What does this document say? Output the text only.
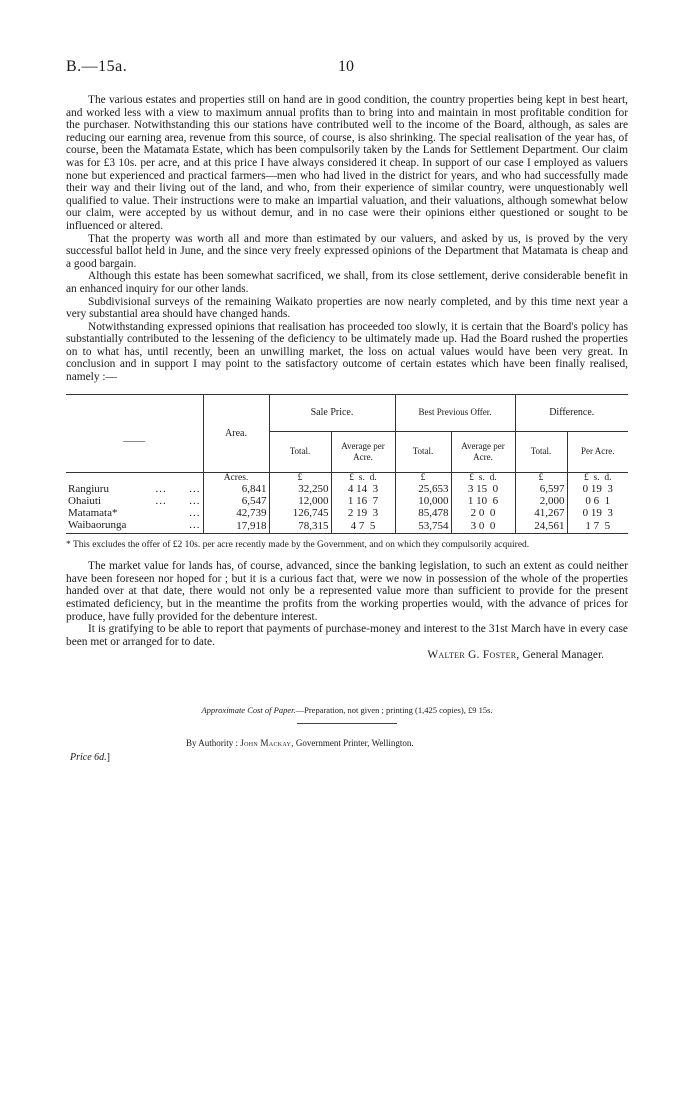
B.—15a.	10

The various estates and properties still on hand are in good condition, the country properties being kept in best heart, and worked less with a view to maximum annual profits than to bring into and maintain in most profitable condition for the purchaser. Notwithstanding this our stations have contributed well to the income of the Board, although, as sales are reducing our earning area, revenue from this source, of course, is also shrinking. The special realisation of the year has, of course, been the Matamata Estate, which has been compulsorily taken by the Lands for Settlement Department. Our claim was for £3 10s. per acre, and at this price I have always considered it cheap. In support of our case I employed as valuers none but experienced and practical farmers—men who had lived in the district for years, and who had successfully made their way and their living out of the land, and who, from their experience of similar country, were unquestionably well qualified to value. Their instructions were to make an impartial valuation, and their valuations, although somewhat below our claim, were accepted by us without demur, and in no case were their opinions either questioned or sought to be influenced or altered.

That the property was worth all and more than estimated by our valuers, and asked by us, is proved by the very successful ballot held in June, and the since very freely expressed opinions of the Department that Matamata is cheap and a good bargain.

Although this estate has been somewhat sacrificed, we shall, from its close settlement, derive considerable benefit in an enhanced inquiry for our other lands.

Subdivisional surveys of the remaining Waikato properties are now nearly completed, and by this time next year a very substantial area should have changed hands.

Notwithstanding expressed opinions that realisation has proceeded too slowly, it is certain that the Board's policy has substantially contributed to the lessening of the deficiency to be ultimately made up. Had the Board rushed the properties on to what has, until recently, been an unwilling market, the loss on actual values would have been very great. In conclusion and in support I may point to the satisfactory outcome of certain estates which have been finally realised, namely :—

——	Area.	Sale Price.		Best Previous Offer.		Difference.	
		Total.	Average per Acre.	Total.	Average per Acre.	Total.	Per Acre.
	Acres.	£	£ s. d.	£	£ s. d.	£	£ s. d.
Rangiuru ... ...	6,841	32,250	4 14 3	25,653	3 15 0	6,597	0 19 3
Ohaiuti ... ...	6,547	12,000	1 16 7	10,000	1 10 6	2,000	0 6 1
Matamata* ...	42,739	126,745	2 19 3	85,478	2 0 0	41,267	0 19 3
Waibaorunga ...	17,918	78,315	4 7 5	53,754	3 0 0	24,561	1 7 5
* This excludes the offer of £2 10s. per acre recently made by the Government, and on which they compulsorily acquired.

The market value for lands has, of course, advanced, since the banking legislation, to such an extent as could neither have been foreseen nor hoped for ; but it is a curious fact that, were we now in possession of the whole of the properties handed over at that date, there would not only be a represented value more than sufficient to provide for the present estimated deficiency, but in the meantime the profits from the working properties would, with the advance of prices for produce, have fully provided for the debenture interest.

It is gratifying to be able to report that payments of purchase-money and interest to the 31st March have in every case been met or arranged for to date.

Walter G. Foster, General Manager.
Approximate Cost of Paper.—Preparation, not given ; printing (1,425 copies), £9 15s.
By Authority : John Mackay, Government Printer, Wellington.
Price 6d.]
